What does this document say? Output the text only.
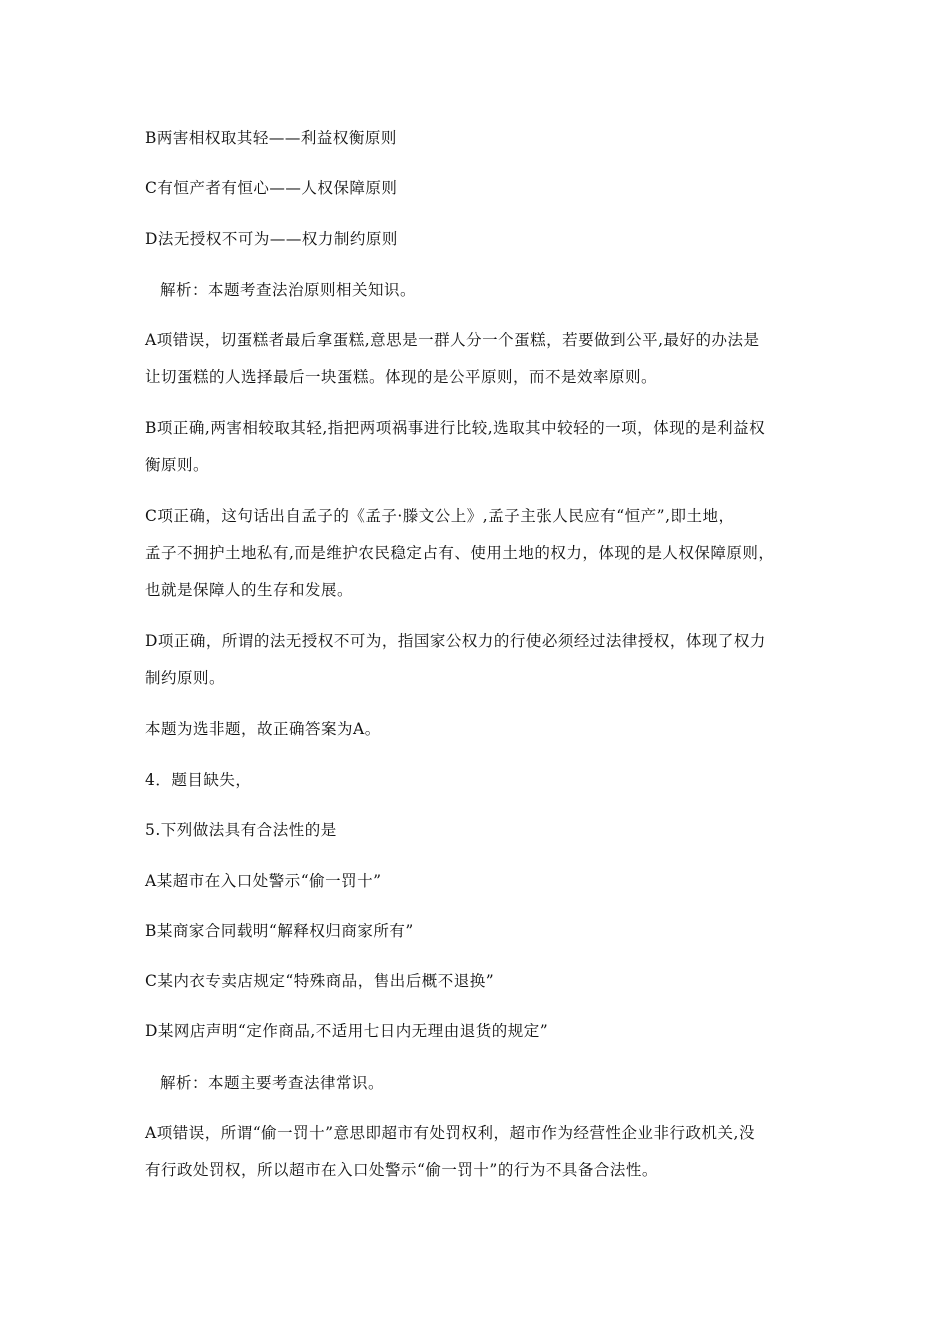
B两害相权取其轻——利益权衡原则
C有恒产者有恒心——人权保障原则
D法无授权不可为——权力制约原则
解析：本题考查法治原则相关知识。
A项错误，切蛋糕者最后拿蛋糕,意思是一群人分一个蛋糕，若要做到公平,最好的办法是
让切蛋糕的人选择最后一块蛋糕。体现的是公平原则，而不是效率原则。
B项正确,两害相较取其轻,指把两项祸事进行比较,选取其中较轻的一项，体现的是利益权
衡原则。
C项正确，这句话出自孟子的《孟子·滕文公上》,孟子主张人民应有“恒产”,即土地，
孟子不拥护土地私有,而是维护农民稳定占有、使用土地的权力，体现的是人权保障原则，
也就是保障人的生存和发展。
D项正确，所谓的法无授权不可为，指国家公权力的行使必须经过法律授权，体现了权力
制约原则。
本题为选非题，故正确答案为A。
4．题目缺失，
5.下列做法具有合法性的是
A某超市在入口处警示“偷一罚十”
B某商家合同载明“解释权归商家所有”
C某内衣专卖店规定“特殊商品，售出后概不退换”
D某网店声明“定作商品,不适用七日内无理由退货的规定”
解析：本题主要考查法律常识。
A项错误，所谓“偷一罚十”意思即超市有处罚权利，超市作为经营性企业非行政机关,没
有行政处罚权，所以超市在入口处警示“偷一罚十”的行为不具备合法性。
